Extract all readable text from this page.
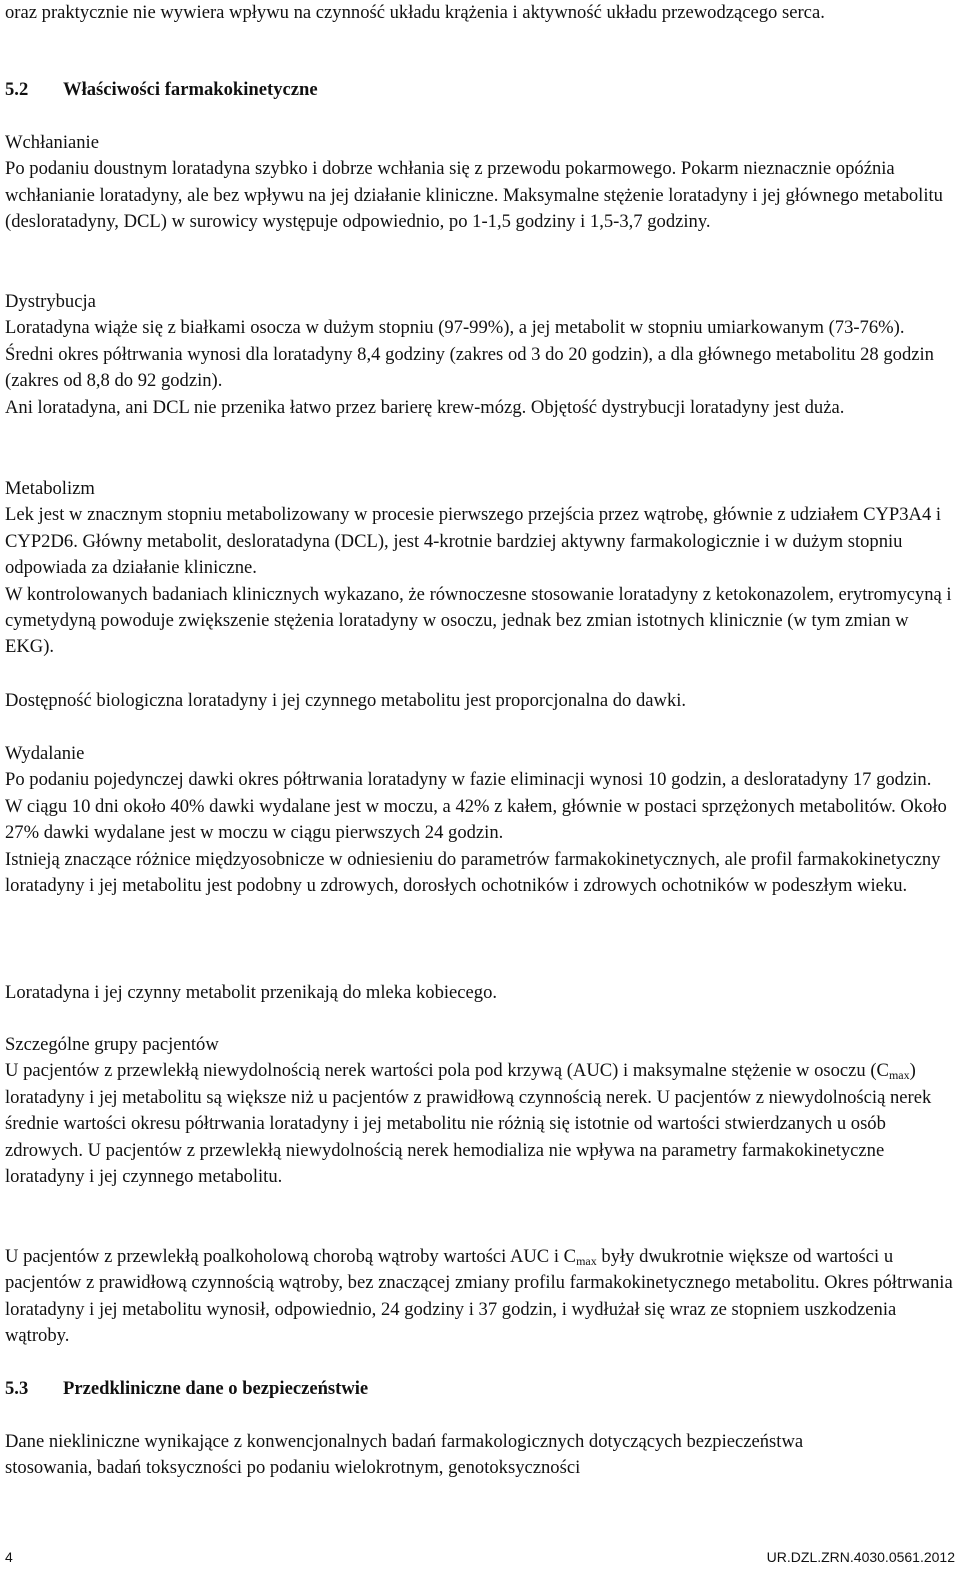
oraz praktycznie nie wywiera wpływu na czynność układu krążenia i aktywność układu przewodzącego serca.

5.2 Właściwości farmakokinetyczne

Wchłanianie

Po podaniu doustnym loratadyna szybko i dobrze wchłania się z przewodu pokarmowego. Pokarm nieznacznie opóźnia wchłanianie loratadyny, ale bez wpływu na jej działanie kliniczne. Maksymalne stężenie loratadyny i jej głównego metabolitu (desloratadyny, DCL) w surowicy występuje odpowiednio, po 1-1,5 godziny i 1,5-3,7 godziny.

Dystrybucja

Loratadyna wiąże się z białkami osocza w dużym stopniu (97-99%), a jej metabolit w stopniu umiarkowanym (73-76%). Średni okres półtrwania wynosi dla loratadyny 8,4 godziny (zakres od 3 do 20 godzin), a dla głównego metabolitu 28 godzin (zakres od 8,8 do 92 godzin).

Ani loratadyna, ani DCL nie przenika łatwo przez barierę krew-mózg. Objętość dystrybucji loratadyny jest duża.

Metabolizm

Lek jest w znacznym stopniu metabolizowany w procesie pierwszego przejścia przez wątrobę, głównie z udziałem CYP3A4 i CYP2D6. Główny metabolit, desloratadyna (DCL), jest 4-krotnie bardziej aktywny farmakologicznie i w dużym stopniu odpowiada za działanie kliniczne.

W kontrolowanych badaniach klinicznych wykazano, że równoczesne stosowanie loratadyny z ketokonazolem, erytromycyną i cymetydyną powoduje zwiększenie stężenia loratadyny w osoczu, jednak bez zmian istotnych klinicznie (w tym zmian w EKG).

Dostępność biologiczna loratadyny i jej czynnego metabolitu jest proporcjonalna do dawki.

Wydalanie

Po podaniu pojedynczej dawki okres półtrwania loratadyny w fazie eliminacji wynosi 10 godzin, a desloratadyny 17 godzin.

W ciągu 10 dni około 40% dawki wydalane jest w moczu, a 42% z kałem, głównie w postaci sprzężonych metabolitów. Około 27% dawki wydalane jest w moczu w ciągu pierwszych 24 godzin.

Istnieją znaczące różnice międzyosobnicze w odniesieniu do parametrów farmakokinetycznych, ale profil farmakokinetyczny loratadyny i jej metabolitu jest podobny u zdrowych, dorosłych ochotników i zdrowych ochotników w podeszłym wieku.

Loratadyna i jej czynny metabolit przenikają do mleka kobiecego.

Szczególne grupy pacjentów

U pacjentów z przewlekłą niewydolnością nerek wartości pola pod krzywą (AUC) i maksymalne stężenie w osoczu $(C_{max})$ loratadyny i jej metabolitu są większe niż u pacjentów z prawidłową czynnością nerek. U pacjentów z niewydolnością nerek średnie wartości okresu półtrwania loratadyny i jej metabolitu nie różnią się istotnie od wartości stwierdzanych u osób zdrowych. U pacjentów z przewlekłą niewydolnością nerek hemodializa nie wpływa na parametry farmakokinetyczne loratadyny i jej czynnego metabolitu.

U pacjentów z przewlekłą poalkoholową chorobą wątroby wartości AUC i $C_{max}$ były dwukrotnie większe od wartości u pacjentów z prawidłową czynnością wątroby, bez znaczącej zmiany profilu farmakokinetycznego metabolitu. Okres półtrwania loratadyny i jej metabolitu wynosił, odpowiednio, 24 godziny i 37 godzin, i wydłużał się wraz ze stopniem uszkodzenia wątroby.

5.3 Przedkliniczne dane o bezpieczeństwie

Dane niekliniczne wynikające z konwencjonalnych badań farmakologicznych dotyczących bezpieczeństwa stosowania, badań toksyczności po podaniu wielokrotnym, genotoksyczności

4	UR.DZL.ZRN.4030.0561.2012
